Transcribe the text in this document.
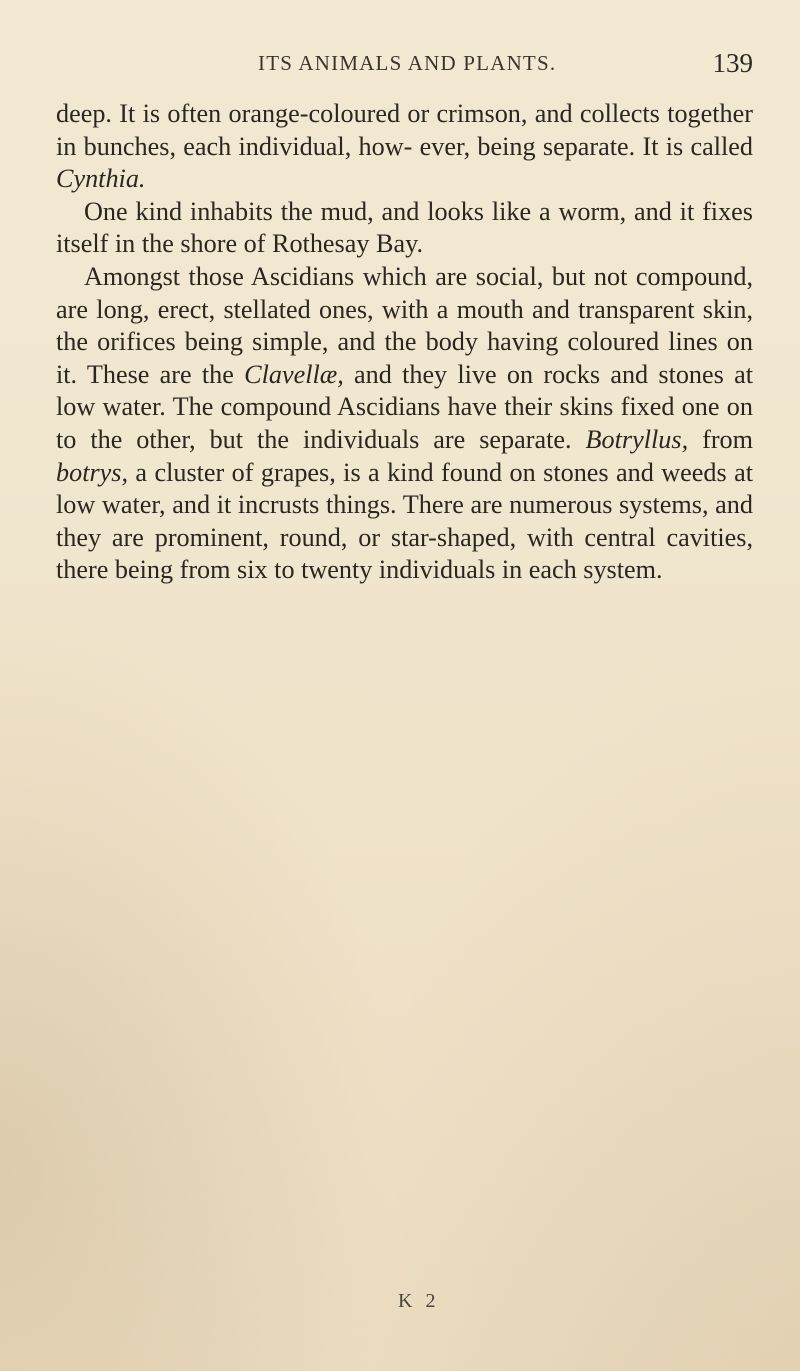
ITS ANIMALS AND PLANTS.	139

deep. It is often orange-coloured or crimson, and collects together in bunches, each individual, how- ever, being separate. It is called Cynthia.

One kind inhabits the mud, and looks like a worm, and it fixes itself in the shore of Rothesay Bay.

Amongst those Ascidians which are social, but not compound, are long, erect, stellated ones, with a mouth and transparent skin, the orifices being simple, and the body having coloured lines on it. These are the Clavellæ, and they live on rocks and stones at low water. The compound Ascidians have their skins fixed one on to the other, but the individuals are separate. Botryllus, from botrys, a cluster of grapes, is a kind found on stones and weeds at low water, and it incrusts things. There are numerous systems, and they are prominent, round, or star-shaped, with central cavities, there being from six to twenty individuals in each system.

K 2
